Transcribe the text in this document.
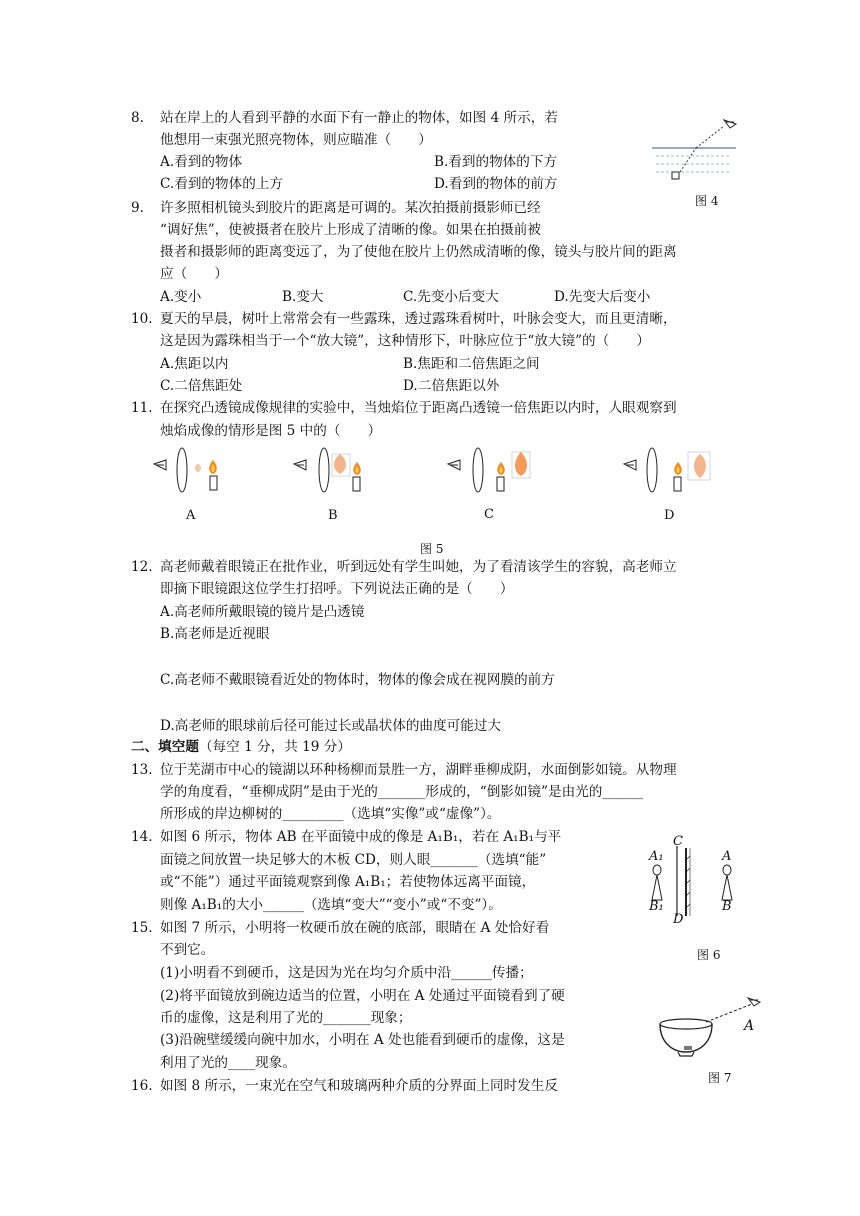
8. 站在岸上的人看到平静的水面下有一静止的物体，如图 4 所示，若
他想用一束强光照亮物体，则应瞄准（　　）
A.看到的物体	B.看到的物体的下方
C.看到的物体的上方	D.看到的物体的前方
图 4
9. 许多照相机镜头到胶片的距离是可调的。某次拍摄前摄影师已经
“调好焦”，使被摄者在胶片上形成了清晰的像。如果在拍摄前被
摄者和摄影师的距离变远了，为了使他在胶片上仍然成清晰的像，镜头与胶片间的距离
应（　　）
A.变小	B.变大	C.先变小后变大	D.先变大后变小
10. 夏天的早晨，树叶上常常会有一些露珠，透过露珠看树叶，叶脉会变大，而且更清晰，
这是因为露珠相当于一个“放大镜”，这种情形下，叶脉应位于“放大镜”的（　　）
A.焦距以内	B.焦距和二倍焦距之间
C.二倍焦距处	D.二倍焦距以外
11. 在探究凸透镜成像规律的实验中，当烛焰位于距离凸透镜一倍焦距以内时，人眼观察到
烛焰成像的情形是图 5 中的（　　）
A	B	C	D
图 5
12. 高老师戴着眼镜正在批作业，听到远处有学生叫她，为了看清该学生的容貌，高老师立
即摘下眼镜跟这位学生打招呼。下列说法正确的是（　　）
A.高老师所戴眼镜的镜片是凸透镜
B.高老师是近视眼
C.高老师不戴眼镜看近处的物体时，物体的像会成在视网膜的前方
D.高老师的眼球前后径可能过长或晶状体的曲度可能过大
二、填空题（每空 1 分，共 19 分）
13. 位于芜湖市中心的镜湖以环种杨柳而景胜一方，湖畔垂柳成阴，水面倒影如镜。从物理
学的角度看，“垂柳成阴”是由于光的_______形成的，“倒影如镜”是由光的______
所形成的岸边柳树的_________（选填“实像”或“虚像”）。
14. 如图 6 所示，物体 AB 在平面镜中成的像是 A₁B₁，若在 A₁B₁与平
面镜之间放置一块足够大的木板 CD，则人眼_______（选填“能”
或“不能”）通过平面镜观察到像 A₁B₁；若使物体远离平面镜，
则像 A₁B₁的大小______（选填“变大”“变小”或“不变”）。
C
D
A₁
B₁
A
B
图 6
15. 如图 7 所示，小明将一枚硬币放在碗的底部，眼睛在 A 处恰好看
不到它。
(1)小明看不到硬币，这是因为光在均匀介质中沿______传播；
(2)将平面镜放到碗边适当的位置，小明在 A 处通过平面镜看到了硬
币的虚像，这是利用了光的_______现象；
(3)沿碗壁缓缓向碗中加水，小明在 A 处也能看到硬币的虚像，这是
利用了光的____现象。
A
图 7
16. 如图 8 所示，一束光在空气和玻璃两种介质的分界面上同时发生反
